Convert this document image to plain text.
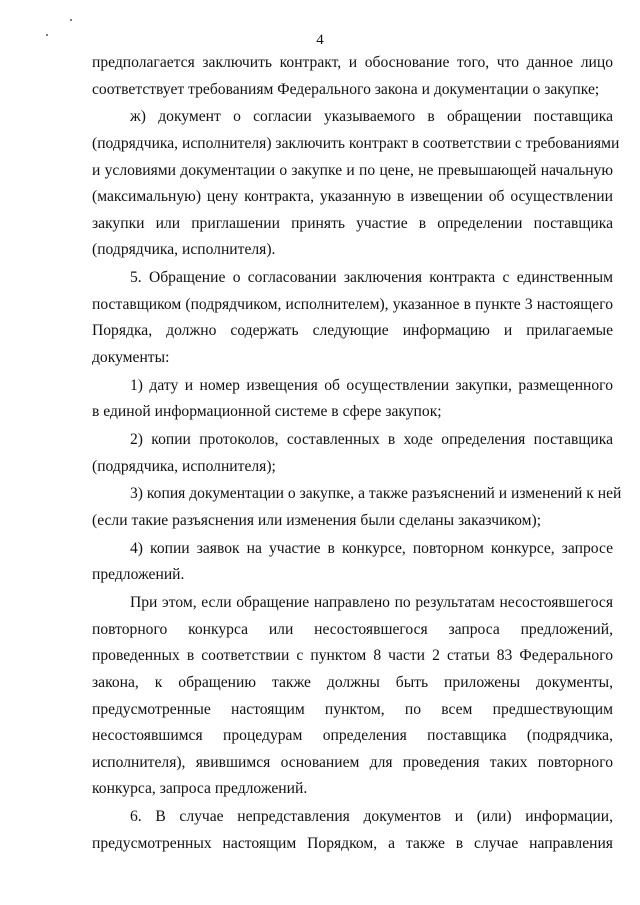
4
предполагается заключить контракт, и обоснование того, что данное лицо
соответствует требованиям Федерального закона и документации о закупке;
ж) документ о согласии указываемого в обращении поставщика
(подрядчика, исполнителя) заключить контракт в соответствии с требованиями
и условиями документации о закупке и по цене, не превышающей начальную
(максимальную) цену контракта, указанную в извещении об осуществлении
закупки или приглашении принять участие в определении поставщика
(подрядчика, исполнителя).
5. Обращение о согласовании заключения контракта с единственным
поставщиком (подрядчиком, исполнителем), указанное в пункте 3 настоящего
Порядка, должно содержать следующие информацию и прилагаемые
документы:
1) дату и номер извещения об осуществлении закупки, размещенного
в единой информационной системе в сфере закупок;
2) копии протоколов, составленных в ходе определения поставщика
(подрядчика, исполнителя);
3) копия документации о закупке, а также разъяснений и изменений к ней
(если такие разъяснения или изменения были сделаны заказчиком);
4) копии заявок на участие в конкурсе, повторном конкурсе, запросе
предложений.
При этом, если обращение направлено по результатам несостоявшегося
повторного конкурса или несостоявшегося запроса предложений,
проведенных в соответствии с пунктом 8 части 2 статьи 83 Федерального
закона, к обращению также должны быть приложены документы,
предусмотренные настоящим пунктом, по всем предшествующим
несостоявшимся процедурам определения поставщика (подрядчика,
исполнителя), явившимся основанием для проведения таких повторного
конкурса, запроса предложений.
6. В случае непредставления документов и (или) информации,
предусмотренных настоящим Порядком, а также в случае направления
